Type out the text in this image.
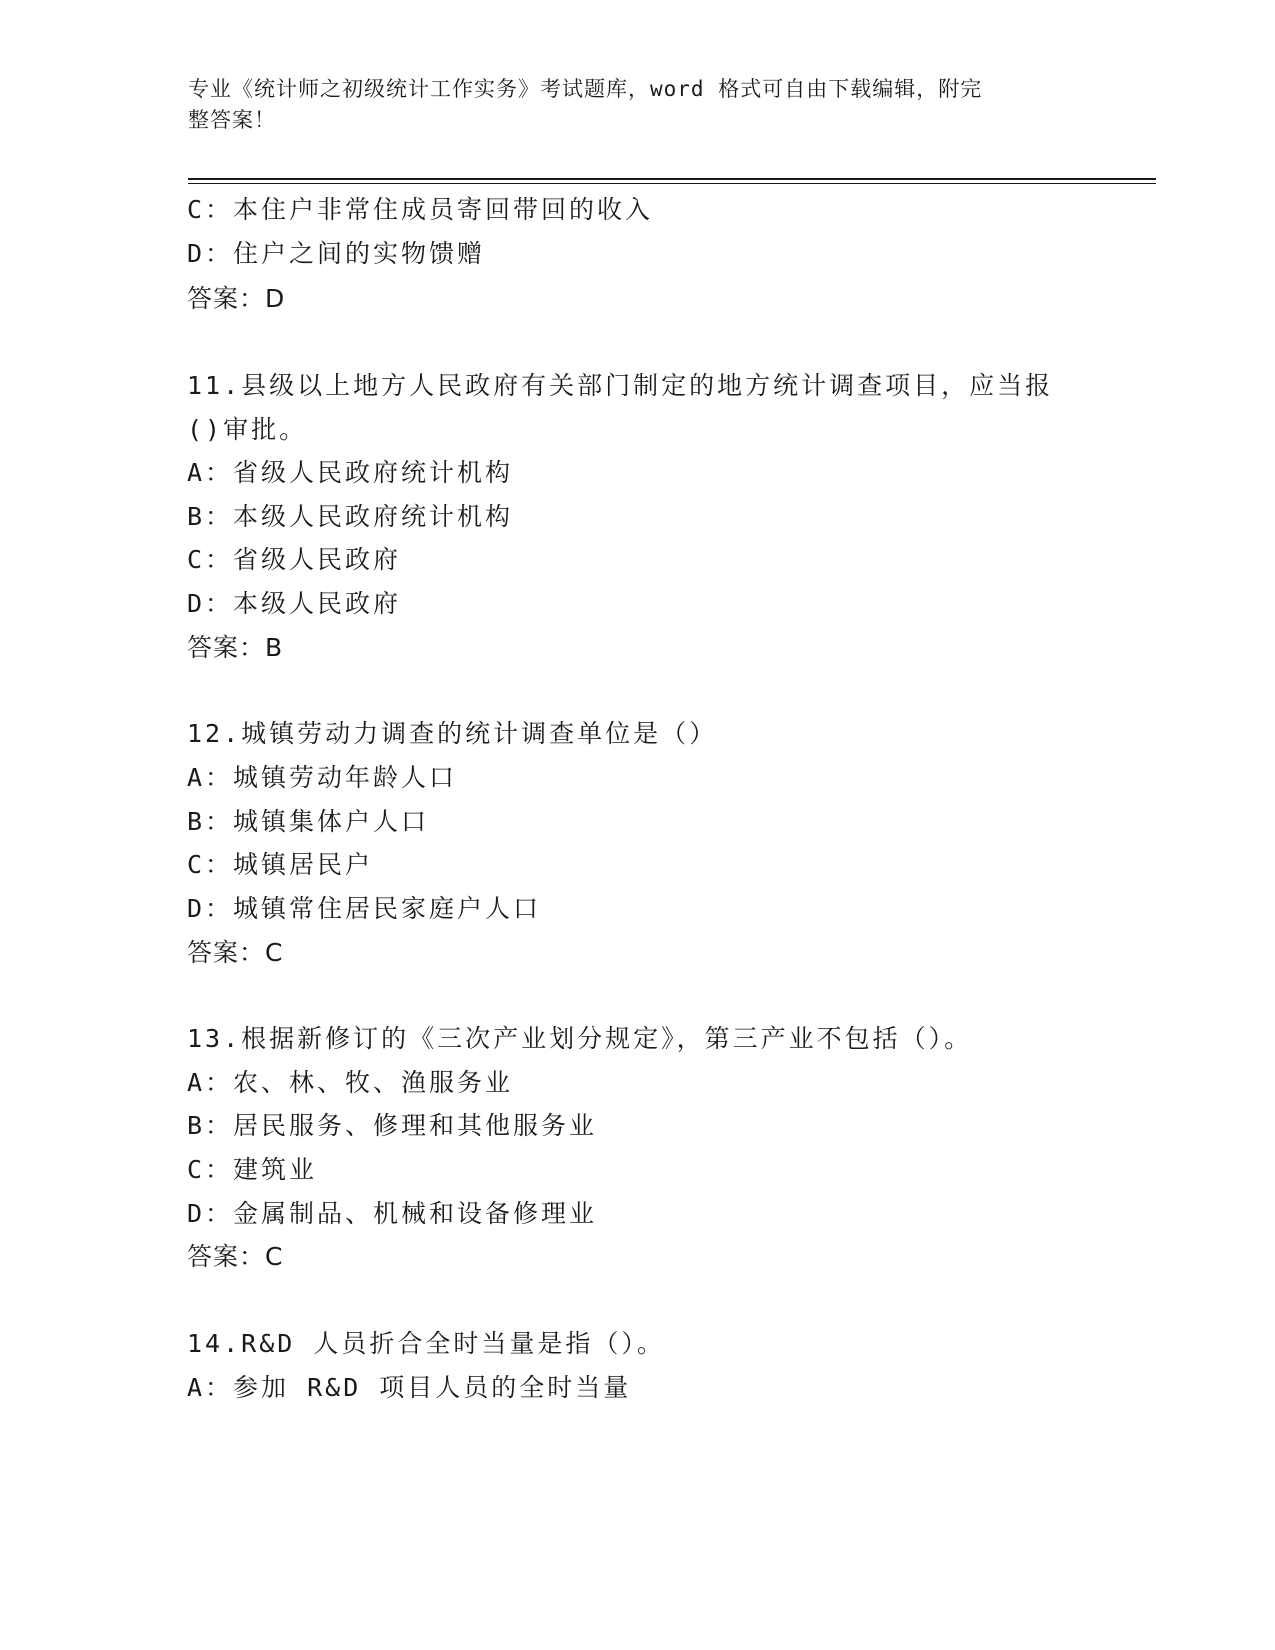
专业《统计师之初级统计工作实务》考试题库，word 格式可自由下载编辑，附完
整答案！
C：本住户非常住成员寄回带回的收入
D：住户之间的实物馈赠
答案：D
11.县级以上地方人民政府有关部门制定的地方统计调查项目，应当报
()审批。
A：省级人民政府统计机构
B：本级人民政府统计机构
C：省级人民政府
D：本级人民政府
答案：B
12.城镇劳动力调查的统计调查单位是（）
A：城镇劳动年龄人口
B：城镇集体户人口
C：城镇居民户
D：城镇常住居民家庭户人口
答案：C
13.根据新修订的《三次产业划分规定》，第三产业不包括（）。
A：农、林、牧、渔服务业
B：居民服务、修理和其他服务业
C：建筑业
D：金属制品、机械和设备修理业
答案：C
14.R&D 人员折合全时当量是指（）。
A：参加 R&D 项目人员的全时当量
